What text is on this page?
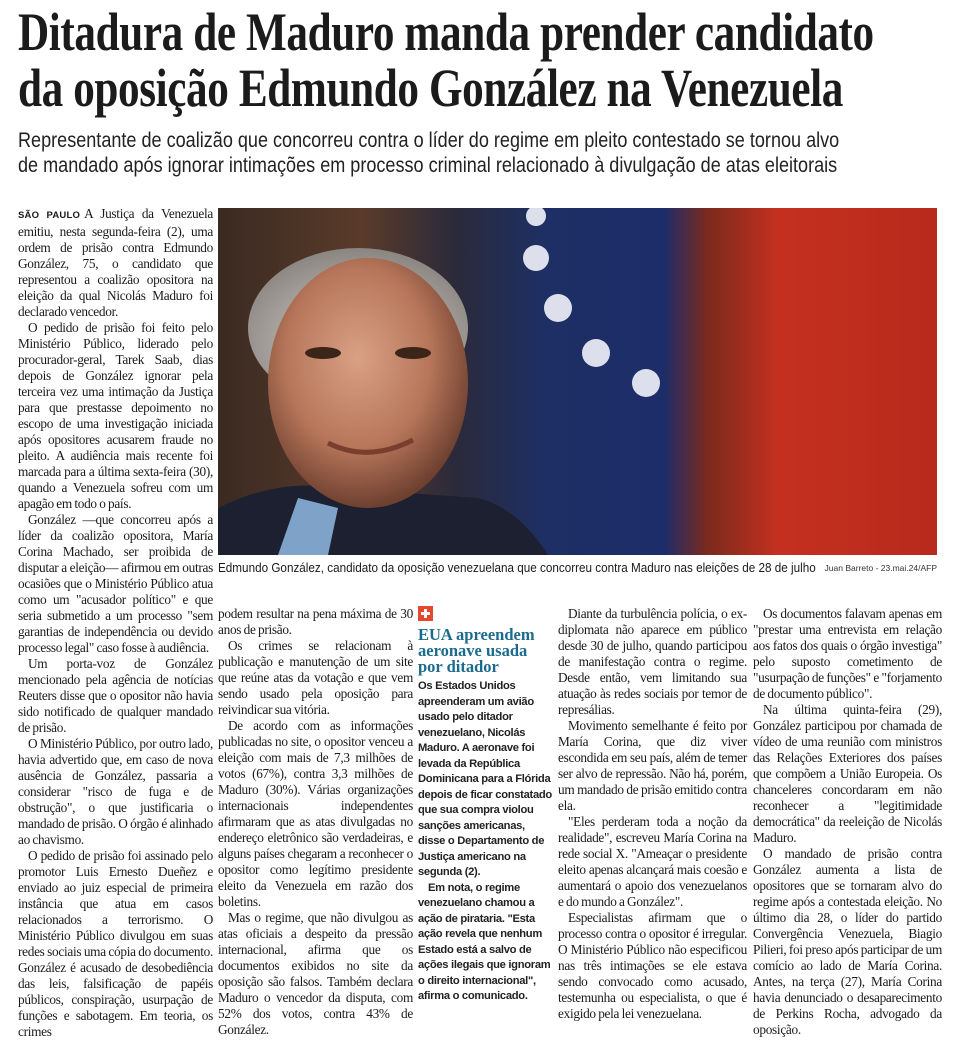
Ditadura de Maduro manda prender candidato
da oposição Edmundo González na Venezuela
Representante de coalizão que concorreu contra o líder do regime em pleito contestado se tornou alvo
de mandado após ignorar intimações em processo criminal relacionado à divulgação de atas eleitorais

SÃO PAULO A Justiça da Venezuela emitiu, nesta segunda-feira (2), uma ordem de prisão contra Edmundo González, 75, o candidato que representou a coalizão opositora na eleição da qual Nicolás Maduro foi declarado vencedor.

O pedido de prisão foi feito pelo Ministério Público, liderado pelo procurador-geral, Tarek Saab, dias depois de González ignorar pela terceira vez uma intimação da Justiça para que prestasse depoimento no escopo de uma investigação iniciada após opositores acusarem fraude no pleito. A audiência mais recente foi marcada para a última sexta-feira (30), quando a Venezuela sofreu com um apagão em todo o país.

González —que concorreu após a líder da coalizão opositora, María Corina Machado, ser proibida de disputar a eleição— afirmou em outras ocasiões que o Ministério Público atua como um "acusador político" e que seria submetido a um processo "sem garantias de independência ou devido processo legal" caso fosse à audiência.

Um porta-voz de González mencionado pela agência de notícias Reuters disse que o opositor não havia sido notificado de qualquer mandado de prisão.

O Ministério Público, por outro lado, havia advertido que, em caso de nova ausência de González, passaria a considerar "risco de fuga e de obstrução", o que justificaria o mandado de prisão. O órgão é alinhado ao chavismo.

O pedido de prisão foi assinado pelo promotor Luis Ernesto Dueñez e enviado ao juiz especial de primeira instância que atua em casos relacionados a terrorismo. O Ministério Público divulgou em suas redes sociais uma cópia do documento. González é acusado de desobediência das leis, falsificação de papéis públicos, conspiração, usurpação de funções e sabotagem. Em teoria, os crimes

Edmundo González, candidato da oposição venezuelana que concorreu contra Maduro nas eleições de 28 de julho	Juan Barreto - 23.mai.24/AFP

podem resultar na pena máxima de 30 anos de prisão.

Os crimes se relacionam à publicação e manutenção de um site que reúne atas da votação e que vem sendo usado pela oposição para reivindicar sua vitória.

De acordo com as informações publicadas no site, o opositor venceu a eleição com mais de 7,3 milhões de votos (67%), contra 3,3 milhões de Maduro (30%). Várias organizações internacionais independentes afirmaram que as atas divulgadas no endereço eletrônico são verdadeiras, e alguns países chegaram a reconhecer o opositor como legítimo presidente eleito da Venezuela em razão dos boletins.

Mas o regime, que não divulgou as atas oficiais a despeito da pressão internacional, afirma que os documentos exibidos no site da oposição são falsos. Também declara Maduro o vencedor da disputa, com 52% dos votos, contra 43% de González.

EUA apreendem aeronave usada por ditador

Os Estados Unidos apreenderam um avião usado pelo ditador venezuelano, Nicolás Maduro. A aeronave foi levada da República Dominicana para a Flórida depois de ficar constatado que sua compra violou sanções americanas, disse o Departamento de Justiça americano na segunda (2).

Em nota, o regime venezuelano chamou a ação de pirataria. "Esta ação revela que nenhum Estado está a salvo de ações ilegais que ignoram o direito internacional", afirma o comunicado.

Diante da turbulência polícia, o ex-diplomata não aparece em público desde 30 de julho, quando participou de manifestação contra o regime. Desde então, vem limitando sua atuação às redes sociais por temor de represálias.

Movimento semelhante é feito por María Corina, que diz viver escondida em seu país, além de temer ser alvo de repressão. Não há, porém, um mandado de prisão emitido contra ela.

"Eles perderam toda a noção da realidade", escreveu María Corina na rede social X. "Ameaçar o presidente eleito apenas alcançará mais coesão e aumentará o apoio dos venezuelanos e do mundo a González".

Especialistas afirmam que o processo contra o opositor é irregular. O Ministério Público não especificou nas três intimações se ele estava sendo convocado como acusado, testemunha ou especialista, o que é exigido pela lei venezuelana.

Os documentos falavam apenas em "prestar uma entrevista em relação aos fatos dos quais o órgão investiga" pelo suposto cometimento de "usurpação de funções" e "forjamento de documento público".

Na última quinta-feira (29), González participou por chamada de vídeo de uma reunião com ministros das Relações Exteriores dos países que compõem a União Europeia. Os chanceleres concordaram em não reconhecer a "legitimidade democrática" da reeleição de Nicolás Maduro.

O mandado de prisão contra González aumenta a lista de opositores que se tornaram alvo do regime após a contestada eleição. No último dia 28, o líder do partido Convergência Venezuela, Biagio Pilieri, foi preso após participar de um comício ao lado de María Corina. Antes, na terça (27), María Corina havia denunciado o desaparecimento de Perkins Rocha, advogado da oposição.
